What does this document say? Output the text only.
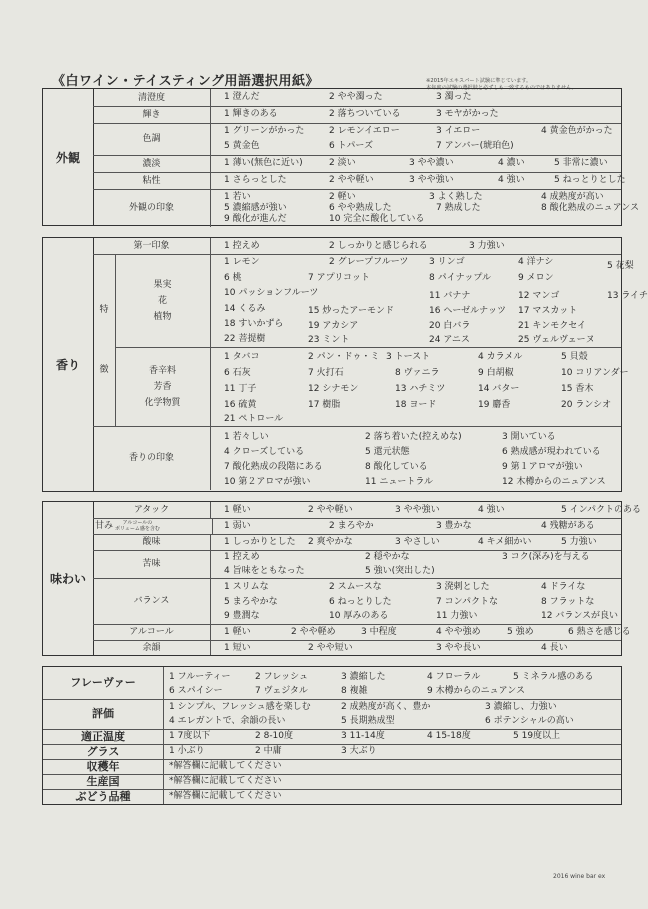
《白ワイン・テイスティング用語選択用紙》	※2015年エキスパート試験に準じています。
本年度の試験の選択肢と必ずしも一致するものではありません。
外観
清澄度	1 澄んだ	2 やや濁った	3 濁った
輝き	1 輝きのある	2 落ちついている	3 モヤがかった
色調
1 グリーンがかった	2 レモンイエロー	3 イエロー	4 黄金色がかった
5 黄金色	6 トパーズ	7 アンバー(琥珀色)
濃淡	1 薄い(無色に近い)	2 淡い	3 やや濃い	4 濃い	5 非常に濃い
粘性	1 さらっとした	2 やや軽い	3 やや強い	4 強い	5 ねっとりとした
外観の印象
1 若い	2 軽い	3 よく熟した	4 成熟度が高い
5 濃縮感が強い	6 やや熟成した	7 熟成した	8 酸化熟成のニュアンス
9 酸化が進んだ	10 完全に酸化している
香り
第一印象	1 控えめ	2 しっかりと感じられる	3 力強い
特
徴
果実
花
植物
1 レモン	2 グレープフルーツ 3 リンゴ	4 洋ナシ	5 花梨
6 桃	7 アプリコット	8 パイナップル	9 メロン
10 パッションフルーツ	11 バナナ	12 マンゴ	13 ライチ
14 くるみ	15 炒ったアーモンド	16 ヘーゼルナッツ 17 マスカット
18 すいかずら	19 アカシア	20 白バラ	21 キンモクセイ
22 菩提樹	23 ミント	24 アニス	25 ヴェルヴェーヌ
香辛料
芳香
化学物質
1 タバコ	2 パン・ドゥ・ミ 3 トースト	4 カラメル	5 貝殻
6 石灰	7 火打石	8 ヴァニラ	9 白胡椒	10 コリアンダー
11 丁子	12 シナモン	13 ハチミツ	14 バター	15 香木
16 硫黄	17 樹脂	18 ヨード	19 麝香	20 ランシオ
21 ペトロール
香りの印象
1 若々しい	2 落ち着いた(控えめな)	3 開いている
4 クローズしている	5 還元状態	6 熟成感が現われている
7 酸化熟成の段階にある	8 酸化している	9 第１アロマが強い
10 第２アロマが強い	11 ニュートラル	12 木樽からのニュアンス
味わい
アタック	1 軽い	2 やや軽い	3 やや強い	4 強い	5 インパクトのある
甘み	アルコールの
ボリューム感を含む	1 弱い	2 まろやか	3 豊かな	4 残糖がある
酸味	1 しっかりとした 2 爽やかな	3 やさしい	4 キメ細かい	5 力強い
苦味
1 控えめ	2 穏やかな	3 コク(深み)を与える
4 旨味をともなった	5 強い(突出した)
バランス
1 スリムな	2 スムースな	3 溌剌とした	4 ドライな
5 まろやかな	6 ねっとりした	7 コンパクトな	8 フラットな
9 豊潤な	10 厚みのある	11 力強い	12 バランスが良い
アルコール	1 軽い	2 やや軽め	3 中程度	4 やや強め	5 強め	6 熱さを感じる
余韻	1 短い	2 やや短い	3 やや長い	4 長い
フレーヴァー	1 フルーティー	2 フレッシュ	3 濃縮した	4 フローラル	5 ミネラル感のある
6 スパイシー	7 ヴェジタル	8 複雑	9 木樽からのニュアンス
評価	1 シンプル、フレッシュ感を楽しむ	2 成熟度が高く、豊か	3 濃縮し、力強い
4 エレガントで、余韻の長い	5 長期熟成型	6 ポテンシャルの高い
適正温度	1 7度以下	2 8-10度	3 11-14度	4 15-18度	5 19度以上
グラス	1 小ぶり	2 中庸	3 大ぶり
収穫年	*解答欄に記載してください
生産国	*解答欄に記載してください
ぶどう品種	*解答欄に記載してください
2016 wine bar ex
